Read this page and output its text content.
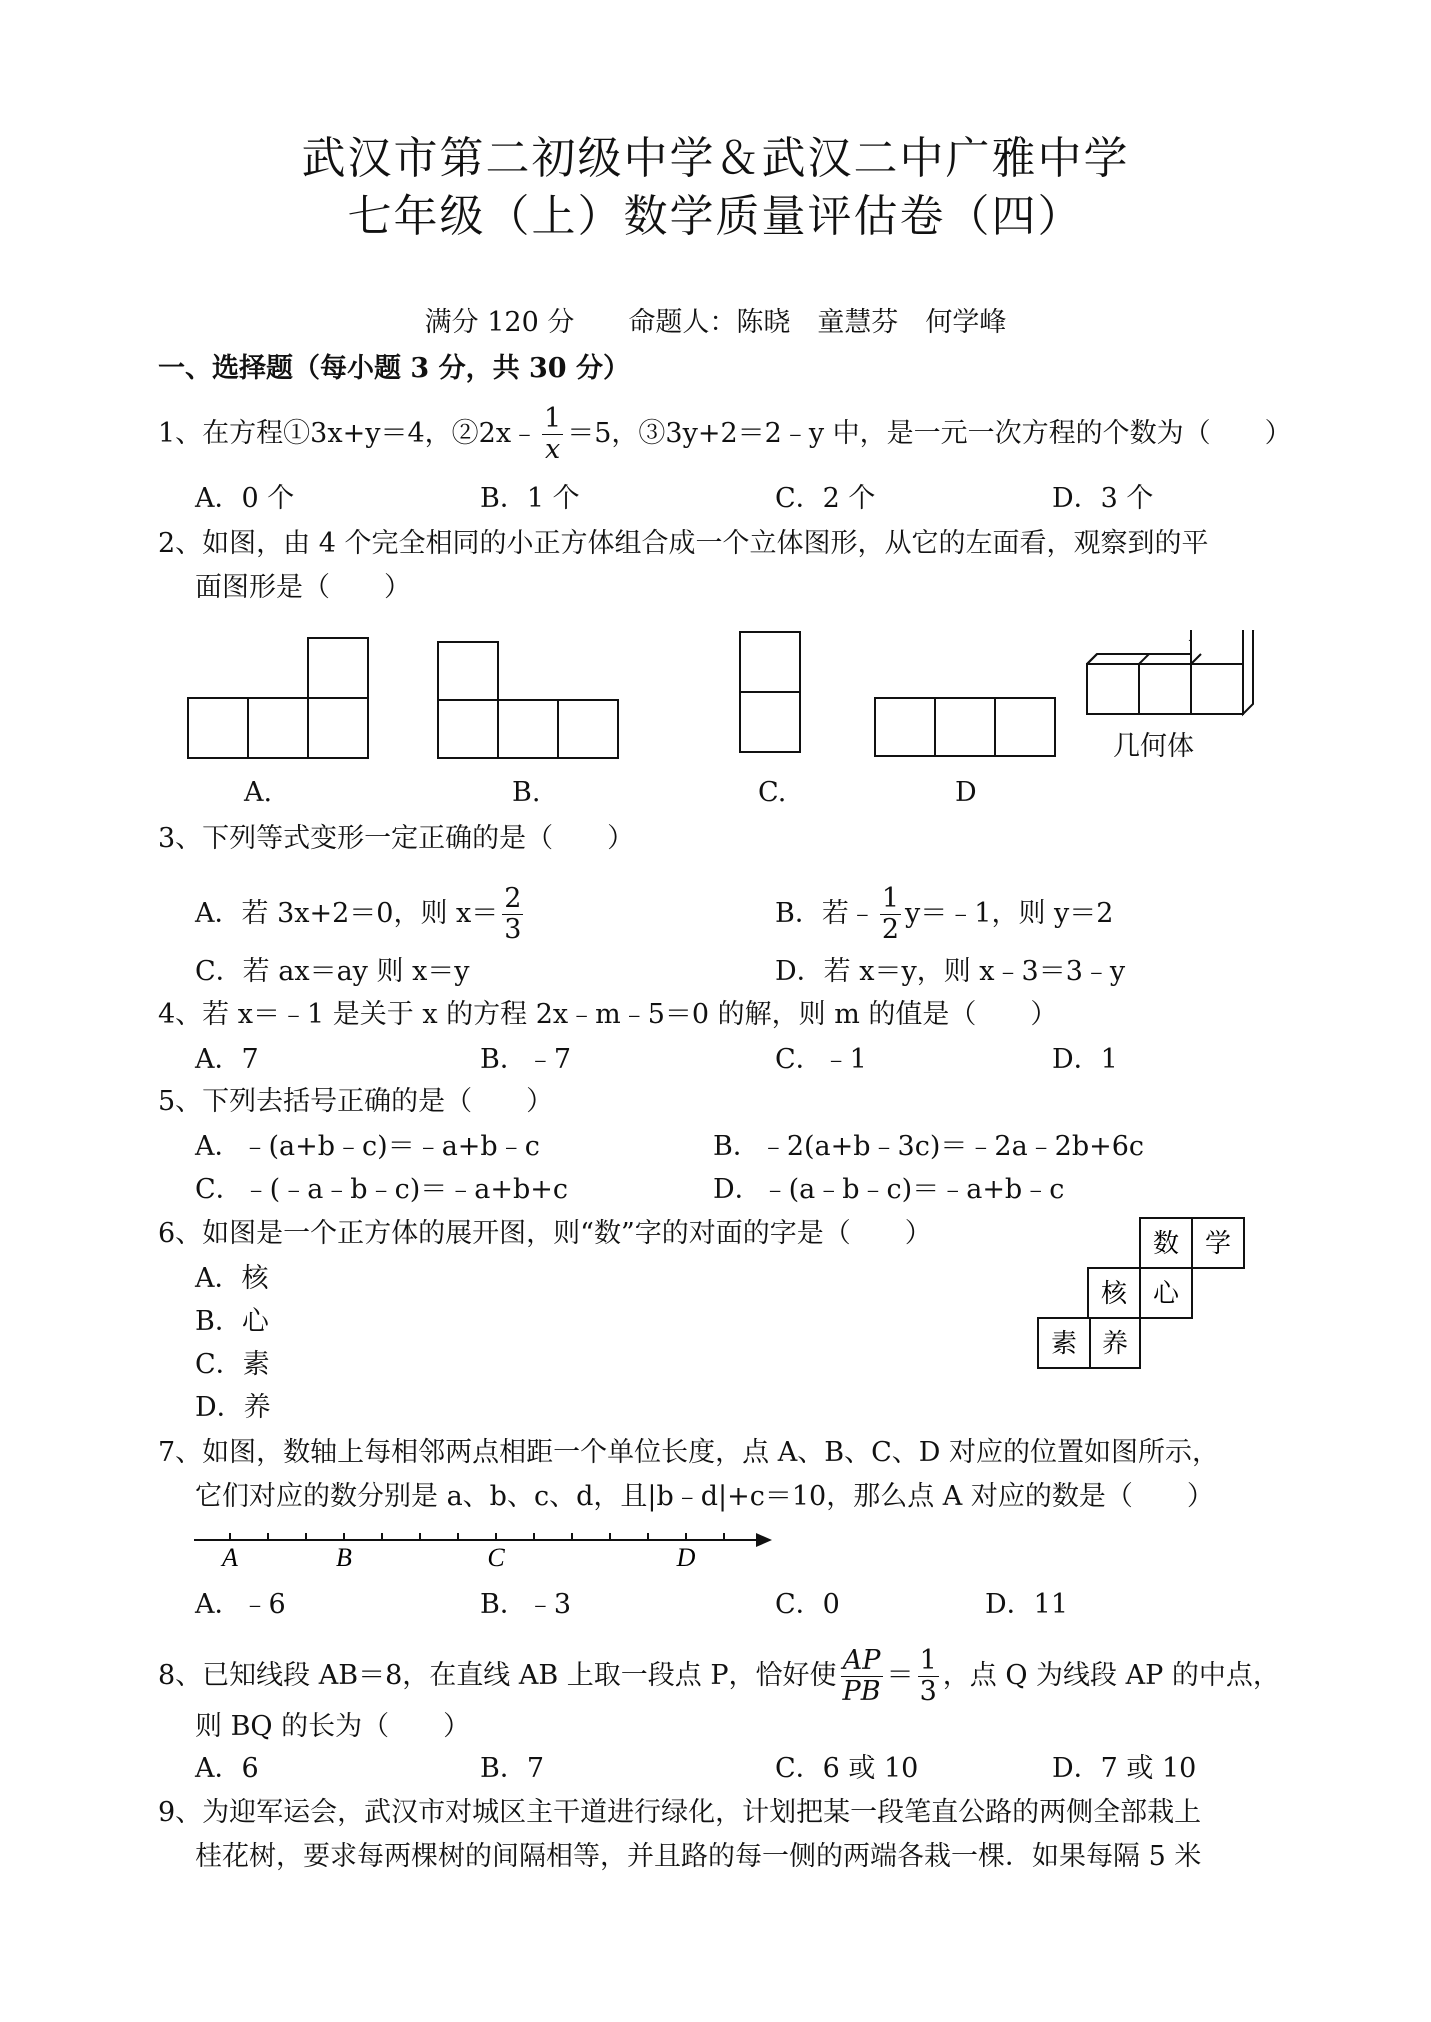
武汉市第二初级中学＆武汉二中广雅中学
七年级（上）数学质量评估卷（四）
满分 120 分　　命题人：陈晓　童慧芬　何学峰
一、选择题（每小题 3 分，共 30 分）
1、在方程①3x+y＝4，②2x﹣ $\frac{1}{x} =5$，③3y+2＝2﹣y 中，是一元一次方程的个数为（　　）
A．0 个	B．1 个	C．2 个	D．3 个
2、如图，由 4 个完全相同的小正方体组合成一个立体图形，从它的左面看，观察到的平
面图形是（　　）
A.	B.	C.	D
几何体
3、下列等式变形一定正确的是（　　）
A．若 3x+2＝0，则 $x= \frac{2}{3}$	B．若﹣ $\frac{1}{2}$ y＝﹣1，则 y＝2
C．若 ax＝ay 则 x＝y	D．若 x＝y，则 x﹣3＝3﹣y
4、若 x＝﹣1 是关于 x 的方程 2x﹣m﹣5＝0 的解，则 m 的值是（　　）
A．7	B．﹣7	C．﹣1	D．1
5、下列去括号正确的是（　　）
A．﹣(a+b﹣c)＝﹣a+b﹣c	B．﹣2(a+b﹣3c)＝﹣2a﹣2b+6c
C．﹣(﹣a﹣b﹣c)＝﹣a+b+c	D．﹣(a﹣b﹣c)＝﹣a+b﹣c
6、如图是一个正方体的展开图，则“数”字的对面的字是（　　）
A．核
B．心
C．素
D．养
数 学
核 心
素 养
7、如图，数轴上每相邻两点相距一个单位长度，点 A、B、C、D 对应的位置如图所示，
它们对应的数分别是 a、b、c、d，且|b﹣d|+c＝10，那么点 A 对应的数是（　　）
A	B	C	D
A．﹣6	B．﹣3	C．0	D．11
8、已知线段 AB＝8，在直线 AB 上取一段点 P，恰好使 $\frac{AP}{PB} = \frac{1}{3}$ ，点 Q 为线段 AP 的中点，
则 BQ 的长为（　　）
A．6	B．7	C．6 或 10	D．7 或 10
9、为迎军运会，武汉市对城区主干道进行绿化，计划把某一段笔直公路的两侧全部栽上
桂花树，要求每两棵树的间隔相等，并且路的每一侧的两端各栽一棵．如果每隔 5 米
